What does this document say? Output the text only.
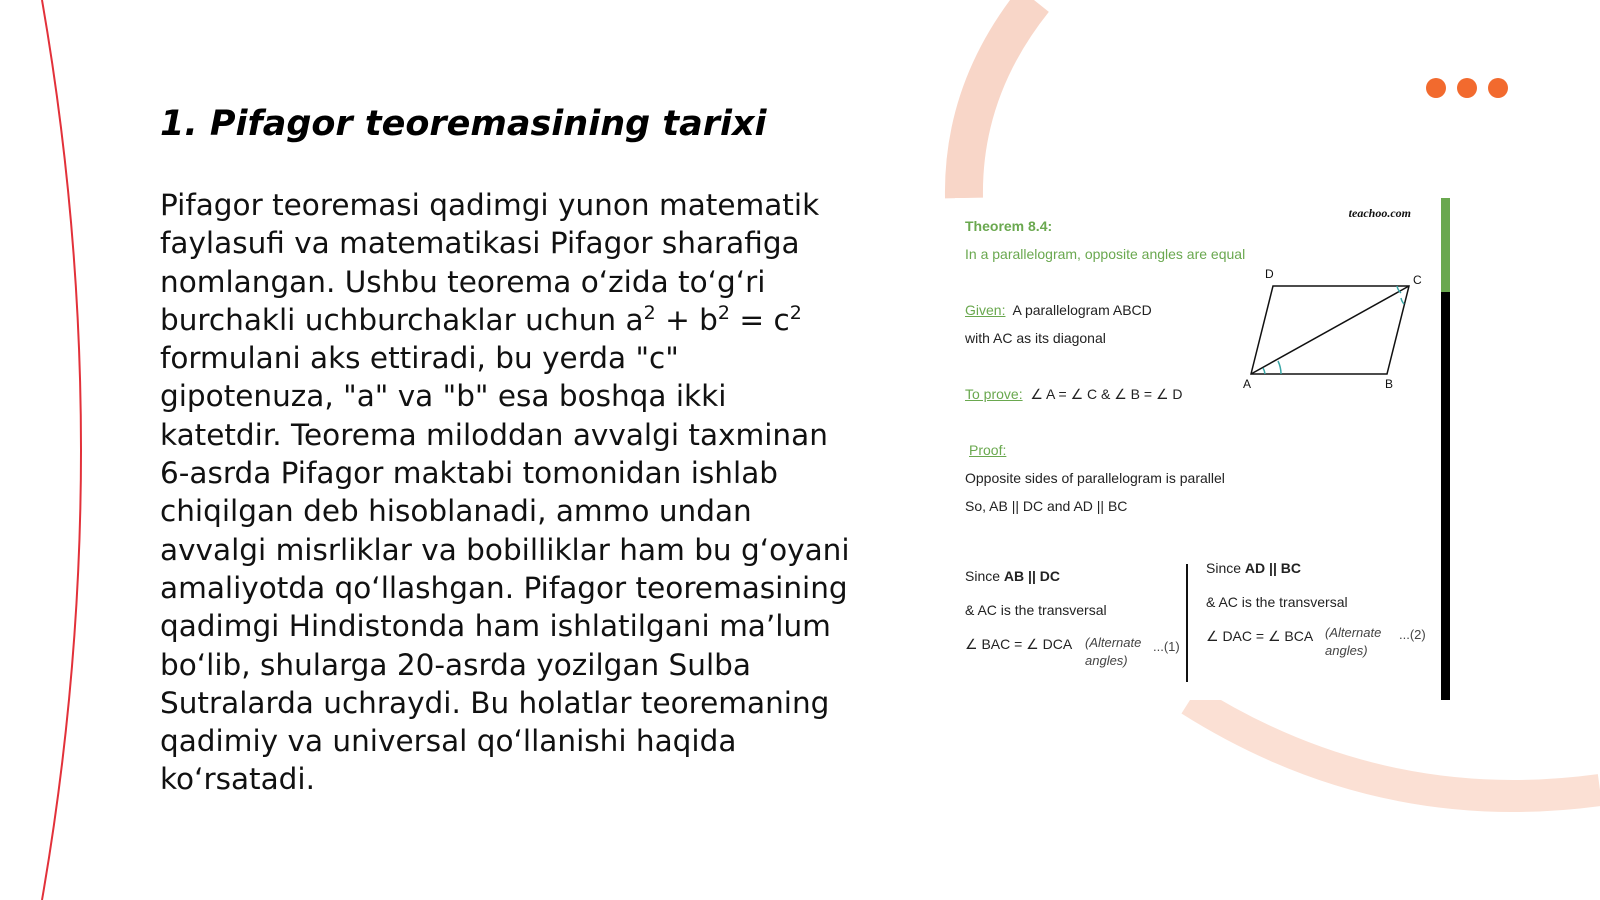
1. Pifagor teoremasining tarixi

Pifagor teoremasi qadimgi yunon matematik faylasufi va matematikasi Pifagor sharafiga nomlangan. Ushbu teorema o‘zida to‘g‘ri burchakli uchburchaklar uchun $a^2 + b^2 = c^2$ formulani aks ettiradi, bu yerda "c" gipotenuza, "a" va "b" esa boshqa ikki katetdir. Teorema miloddan avvalgi taxminan 6-asrda Pifagor maktabi tomonidan ishlab chiqilgan deb hisoblanadi, ammo undan avvalgi misrliklar va bobilliklar ham bu g‘oyani amaliyotda qo‘llashgan. Pifagor teoremasining qadimgi Hindistonda ham ishlatilgani ma’lum bo‘lib, shularga 20-asrda yozilgan Sulba Sutralarda uchraydi. Bu holatlar teoremaning qadimiy va universal qo‘llanishi haqida ko‘rsatadi.

teachoo.com
Theorem 8.4:
In a parallelogram, opposite angles are equal
Given: A parallelogram ABCD
with AC as its diagonal
To prove: ∠ A = ∠ C & ∠ B = ∠ D
Proof:
Opposite sides of parallelogram is parallel
So, AB || DC and AD || BC
Since AB || DC
& AC is the transversal
∠ BAC = ∠ DCA (Alternate
angles)
...(1)
Since AD || BC
& AC is the transversal
∠ DAC = ∠ BCA (Alternate
angles)
...(2)
A	B
C
D
